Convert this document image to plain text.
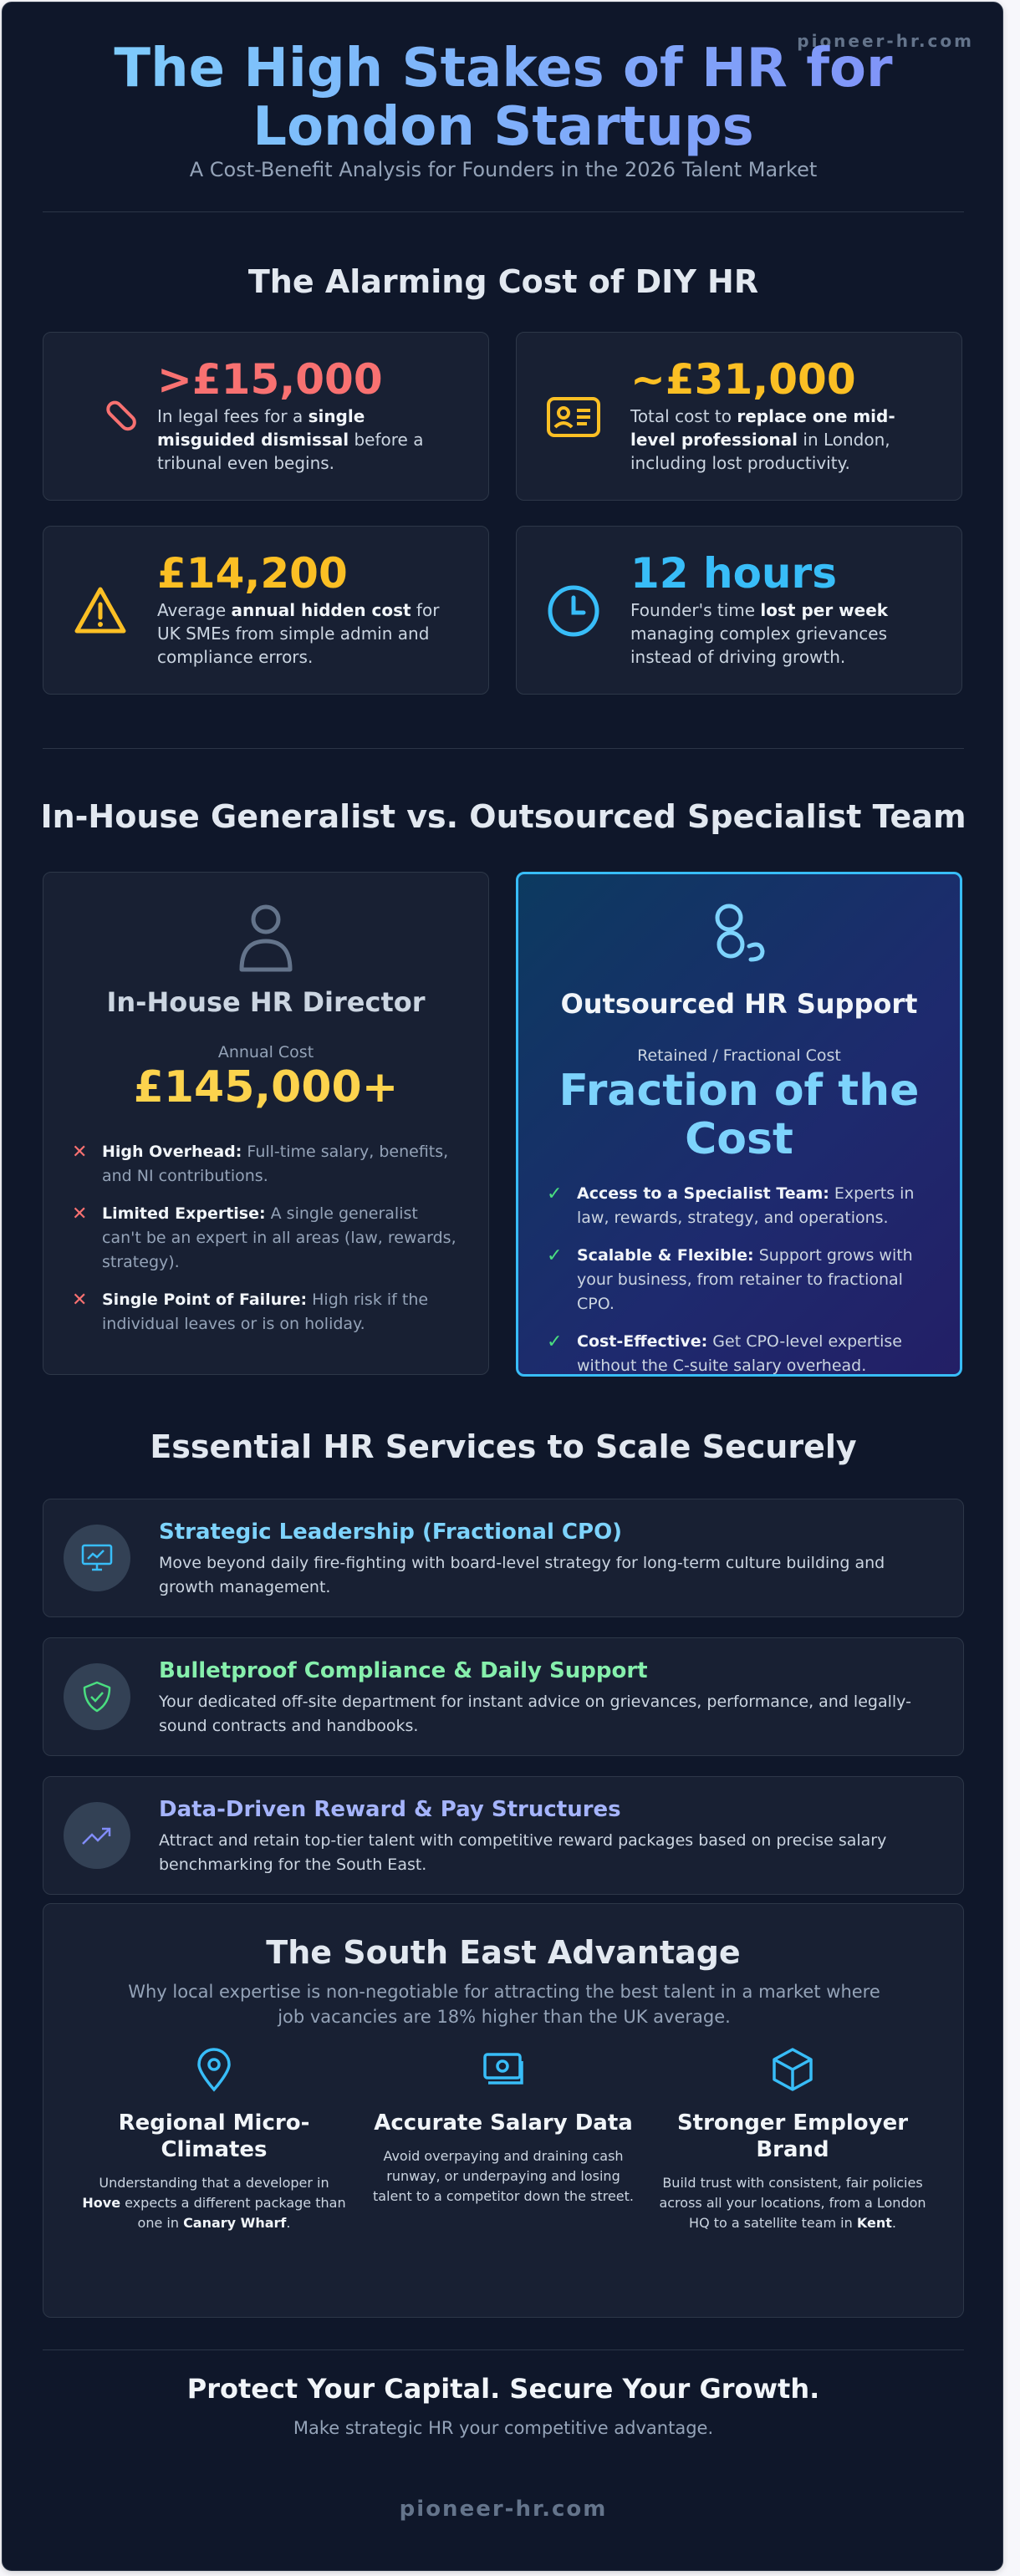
The High Stakes of HR for
London Startups
A Cost-Benefit Analysis for Founders in the 2026 Talent Market
The Alarming Cost of DIY HR
>£15,000
In legal fees for a single misguided dismissal before a tribunal even begins.
~£31,000
Total cost to replace one mid-level professional in London, including lost productivity.
£14,200
Average annual hidden cost for UK SMEs from simple admin and compliance errors.
12 hours
Founder's time lost per week managing complex grievances instead of driving growth.
In-House Generalist vs. Outsourced Specialist Team
In-House HR Director
Annual Cost
£145,000+
✕ High Overhead: Full-time salary, benefits, and NI contributions.
✕ Limited Expertise: A single generalist can't be an expert in all areas (law, rewards, strategy).
✕ Single Point of Failure: High risk if the individual leaves or is on holiday.
Outsourced HR Support
Retained / Fractional Cost
Fraction of the
Cost
✓ Access to a Specialist Team: Experts in law, rewards, strategy, and operations.
✓ Scalable & Flexible: Support grows with your business, from retainer to fractional CPO.
✓ Cost-Effective: Get CPO-level expertise without the C-suite salary overhead.
Essential HR Services to Scale Securely
Strategic Leadership (Fractional CPO)
Move beyond daily fire-fighting with board-level strategy for long-term culture building and growth management.
Bulletproof Compliance & Daily Support
Your dedicated off-site department for instant advice on grievances, performance, and legally-sound contracts and handbooks.
Data-Driven Reward & Pay Structures
Attract and retain top-tier talent with competitive reward packages based on precise salary benchmarking for the South East.
The South East Advantage
Why local expertise is non-negotiable for attracting the best talent in a market where job vacancies are 18% higher than the UK average.
Regional Micro-Climates
Understanding that a developer in Hove expects a different package than one in Canary Wharf.
Accurate Salary Data
Avoid overpaying and draining cash runway, or underpaying and losing talent to a competitor down the street.
Stronger Employer Brand
Build trust with consistent, fair policies across all your locations, from a London HQ to a satellite team in Kent.
Protect Your Capital. Secure Your Growth.
Make strategic HR your competitive advantage.
pioneer-hr.com
